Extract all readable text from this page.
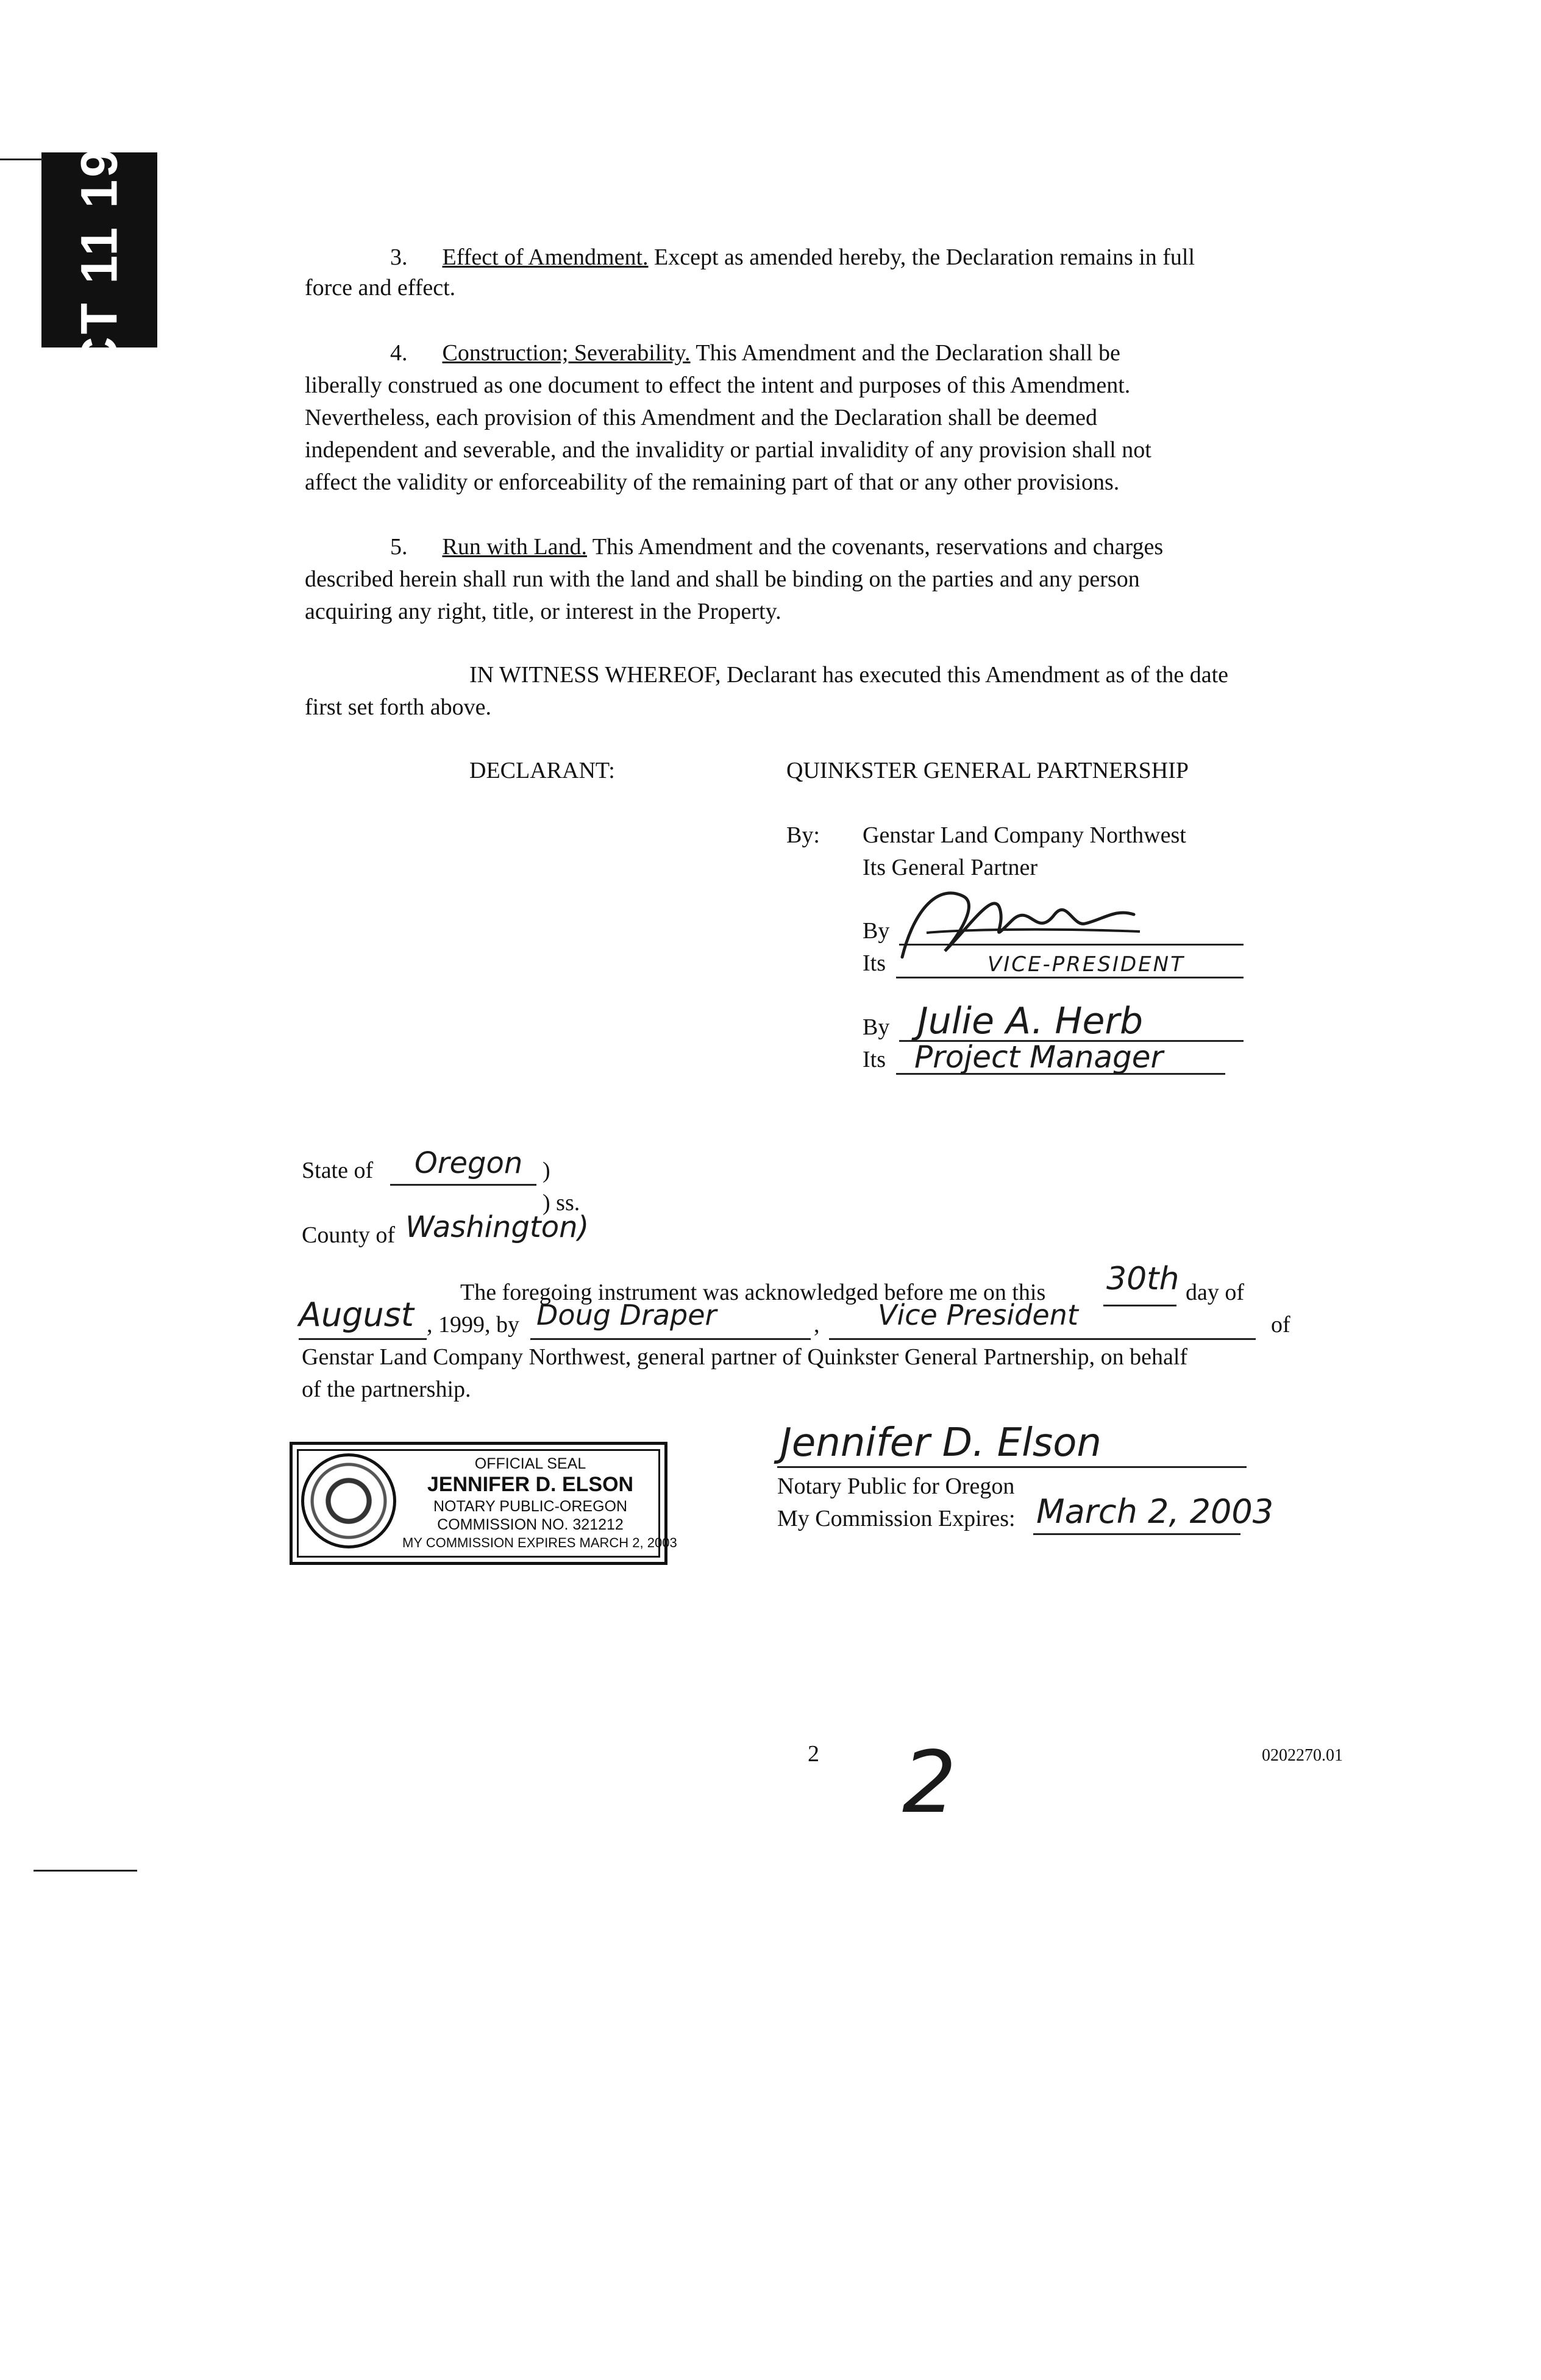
OCT 11 1999	3. Effect of Amendment. Except as amended hereby, the Declaration remains in full
force and effect.
4. Construction; Severability. This Amendment and the Declaration shall be
liberally construed as one document to effect the intent and purposes of this Amendment.
Nevertheless, each provision of this Amendment and the Declaration shall be deemed
independent and severable, and the invalidity or partial invalidity of any provision shall not
affect the validity or enforceability of the remaining part of that or any other provisions.
5. Run with Land. This Amendment and the covenants, reservations and charges
described herein shall run with the land and shall be binding on the parties and any person
acquiring any right, title, or interest in the Property.
IN WITNESS WHEREOF, Declarant has executed this Amendment as of the date
first set forth above.
DECLARANT:	QUINKSTER GENERAL PARTNERSHIP
By: Genstar Land Company Northwest
Its General Partner
By
Its	VICE-PRESIDENT
By Julie A. Herb
Its Project Manager
State of Oregon )
) ss.
County of Washington)
The foregoing instrument was acknowledged before me on this 30th day of
August , 1999, by Doug Draper	, Vice President	of
Genstar Land Company Northwest, general partner of Quinkster General Partnership, on behalf
of the partnership.
OFFICIAL SEAL
JENNIFER D. ELSON
NOTARY PUBLIC-OREGON
COMMISSION NO. 321212
MY COMMISSION EXPIRES MARCH 2, 2003
Jennifer D. Elson
Notary Public for Oregon
My Commission Expires: March 2, 2003
2 2	0202270.01
